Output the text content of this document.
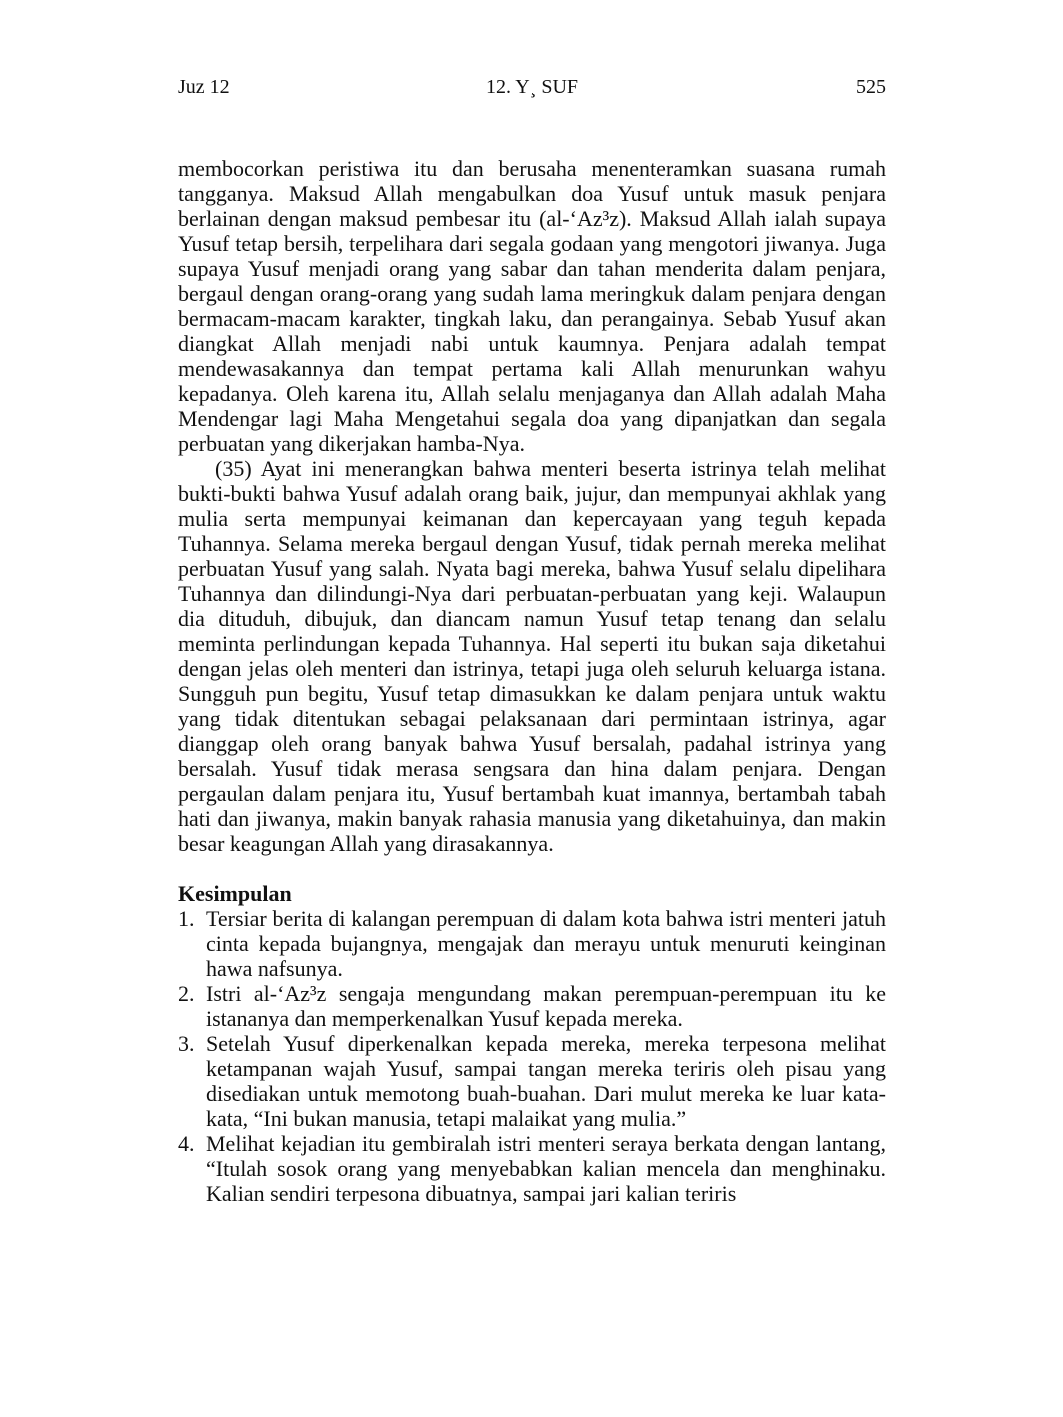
Juz 12	12. Y¸ SUF	525

membocorkan peristiwa itu dan berusaha menenteramkan suasana rumah tangganya. Maksud Allah mengabulkan doa Yusuf untuk masuk penjara berlainan dengan maksud pembesar itu (al-‘Az³z). Maksud Allah ialah supaya Yusuf tetap bersih, terpelihara dari segala godaan yang mengotori jiwanya. Juga supaya Yusuf menjadi orang yang sabar dan tahan menderita dalam penjara, bergaul dengan orang-orang yang sudah lama meringkuk dalam penjara dengan bermacam-macam karakter, tingkah laku, dan perangainya. Sebab Yusuf akan diangkat Allah menjadi nabi untuk kaumnya. Penjara adalah tempat mendewasakannya dan tempat pertama kali Allah menurunkan wahyu kepadanya. Oleh karena itu, Allah selalu menjaganya dan Allah adalah Maha Mendengar lagi Maha Mengetahui segala doa yang dipanjatkan dan segala perbuatan yang dikerjakan hamba-Nya.

(35) Ayat ini menerangkan bahwa menteri beserta istrinya telah melihat bukti-bukti bahwa Yusuf adalah orang baik, jujur, dan mempunyai akhlak yang mulia serta mempunyai keimanan dan kepercayaan yang teguh kepada Tuhannya. Selama mereka bergaul dengan Yusuf, tidak pernah mereka melihat perbuatan Yusuf yang salah. Nyata bagi mereka, bahwa Yusuf selalu dipelihara Tuhannya dan dilindungi-Nya dari perbuatan-perbuatan yang keji. Walaupun dia dituduh, dibujuk, dan diancam namun Yusuf tetap tenang dan selalu meminta perlindungan kepada Tuhannya. Hal seperti itu bukan saja diketahui dengan jelas oleh menteri dan istrinya, tetapi juga oleh seluruh keluarga istana. Sungguh pun begitu, Yusuf tetap dimasukkan ke dalam penjara untuk waktu yang tidak ditentukan sebagai pelaksanaan dari permintaan istrinya, agar dianggap oleh orang banyak bahwa Yusuf bersalah, padahal istrinya yang bersalah. Yusuf tidak merasa sengsara dan hina dalam penjara. Dengan pergaulan dalam penjara itu, Yusuf bertambah kuat imannya, bertambah tabah hati dan jiwanya, makin banyak rahasia manusia yang diketahuinya, dan makin besar keagungan Allah yang dirasakannya.

Kesimpulan
1. Tersiar berita di kalangan perempuan di dalam kota bahwa istri menteri jatuh cinta kepada bujangnya, mengajak dan merayu untuk menuruti keinginan hawa nafsunya.
2. Istri al-‘Az³z sengaja mengundang makan perempuan-perempuan itu ke istananya dan memperkenalkan Yusuf kepada mereka.
3. Setelah Yusuf diperkenalkan kepada mereka, mereka terpesona melihat ketampanan wajah Yusuf, sampai tangan mereka teriris oleh pisau yang disediakan untuk memotong buah-buahan. Dari mulut mereka ke luar kata-kata, “Ini bukan manusia, tetapi malaikat yang mulia.”
4. Melihat kejadian itu gembiralah istri menteri seraya berkata dengan lantang, “Itulah sosok orang yang menyebabkan kalian mencela dan menghinaku. Kalian sendiri terpesona dibuatnya, sampai jari kalian teriris
